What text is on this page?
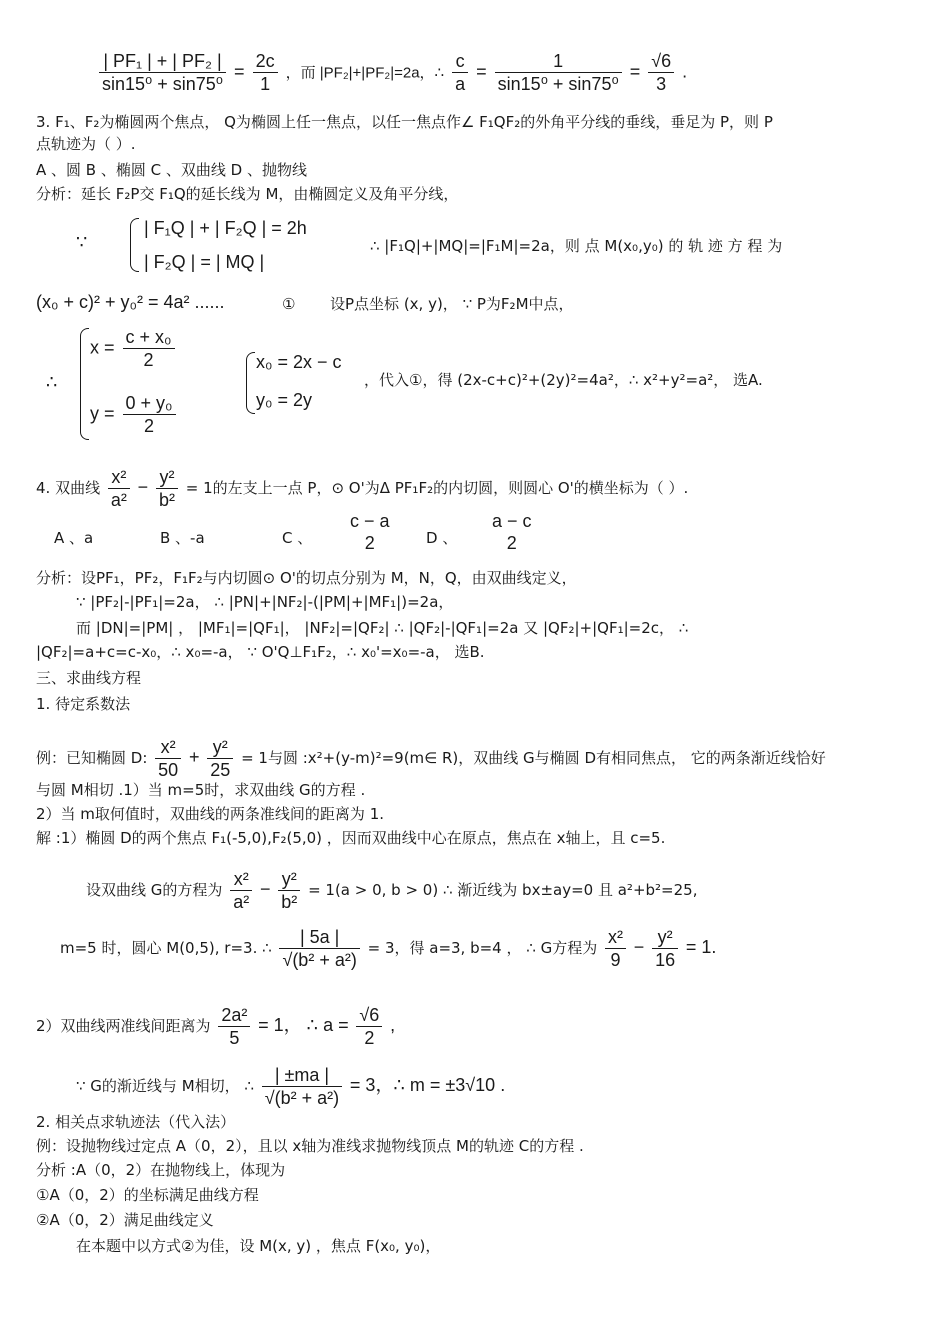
$\frac{\text{| PF₁ | + | PF₂ |}}{\text{sin15⁰ + sin75⁰}} = \frac{2c}{1}$ ，而 |PF₂|+|PF₂|=2a，∴ $\frac{c}{a} = \frac{1}{\text{sin15⁰ + sin75⁰}} = \frac{√6}{3}$ .
3. F₁、F₂为椭圆两个焦点， Q为椭圆上任一焦点，以任一焦点作∠ F₁QF₂的外角平分线的垂线，垂足为 P，则 P
点轨迹为（ ）.
A 、圆 B 、椭圆 C 、双曲线 D 、抛物线
分析：延长 F₂P交 F₁Q的延长线为 M，由椭圆定义及角平分线，
∵
| F₁Q | + | F₂Q | = 2h
| F₂Q | = | MQ |
∴ |F₁Q|+|MQ|=|F₁M|=2a，则 点 M(x₀,y₀) 的 轨 迹 方 程 为
(x₀ + c)² + y₀² = 4a² ......	① 设P点坐标 (x, y)， ∵ P为F₂M中点，
∴
$x = \frac{\text{c + x₀}}{2}$
$y = \frac{\text{0 + y₀}}{2}$
x₀ = 2x − c
y₀ = 2y
，代入①，得 (2x-c+c)²+(2y)²=4a²，∴ x²+y²=a²， 选A.
4. 双曲线 $\frac{\text{x²}}{\text{a²}} - \frac{\text{y²}}{\text{b²}} = 1$的左支上一点 P，⊙ O'为Δ PF₁F₂的内切圆，则圆心 O'的横坐标为（ ）.
A 、a	B 、-a	C 、
c − a
2	D 、
a − c
2
分析：设PF₁，PF₂，F₁F₂与内切圆⊙ O'的切点分别为 M，N，Q，由双曲线定义，
∵ |PF₂|-|PF₁|=2a， ∴ |PN|+|NF₂|-(|PM|+|MF₁|)=2a，
而 |DN|=|PM| ， |MF₁|=|QF₁|， |NF₂|=|QF₂| ∴ |QF₂|-|QF₁|=2a 又 |QF₂|+|QF₁|=2c， ∴
|QF₂|=a+c=c-x₀，∴ x₀=-a， ∵ O'Q⊥F₁F₂，∴ x₀'=x₀=-a， 选B.
三、求曲线方程
1. 待定系数法
例：已知椭圆 D: $\frac{\text{x²}}{50} + \frac{\text{y²}}{25} = 1$与圆 :x²+(y-m)²=9(m∈ R)，双曲线 G与椭圆 D有相同焦点， 它的两条渐近线恰好
与圆 M相切 .1）当 m=5时，求双曲线 G的方程 .
2）当 m取何值时，双曲线的两条准线间的距离为 1.
解 :1）椭圆 D的两个焦点 F₁(-5,0),F₂(5,0) ，因而双曲线中心在原点，焦点在 x轴上，且 c=5.
设双曲线 G的方程为 $\frac{\text{x²}}{\text{a²}} - \frac{\text{y²}}{\text{b²}} = 1(a > 0$, b > 0) ∴ 渐近线为 bx±ay=0 且 a²+b²=25,
m=5 时，圆心 M(0,5), r=3. ∴ $\frac{| 5a |}{\text{√(b² + a²)}} = 3$，得 a=3, b=4 ， ∴ G方程为 $\frac{\text{x²}}{9} - \frac{\text{y²}}{16} = 1$.
2）双曲线两准线间距离为 $\frac{\text{2a²}}{5} = 1$， ∴ $a = \frac{√6}{2}$ ,
∵ G的渐近线与 M相切， ∴ $\frac{| \pm ma |}{\text{√(b² + a²)}} = 3$，∴ m = ±3√10 .
2. 相关点求轨迹法（代入法）
例：设抛物线过定点 A（0，2），且以 x轴为准线求抛物线顶点 M的轨迹 C的方程 .
分析 :A（0，2）在抛物线上，体现为
①A（0，2）的坐标满足曲线方程
②A（0，2）满足曲线定义
在本题中以方式②为佳，设 M(x, y) ，焦点 F(x₀, y₀)，
